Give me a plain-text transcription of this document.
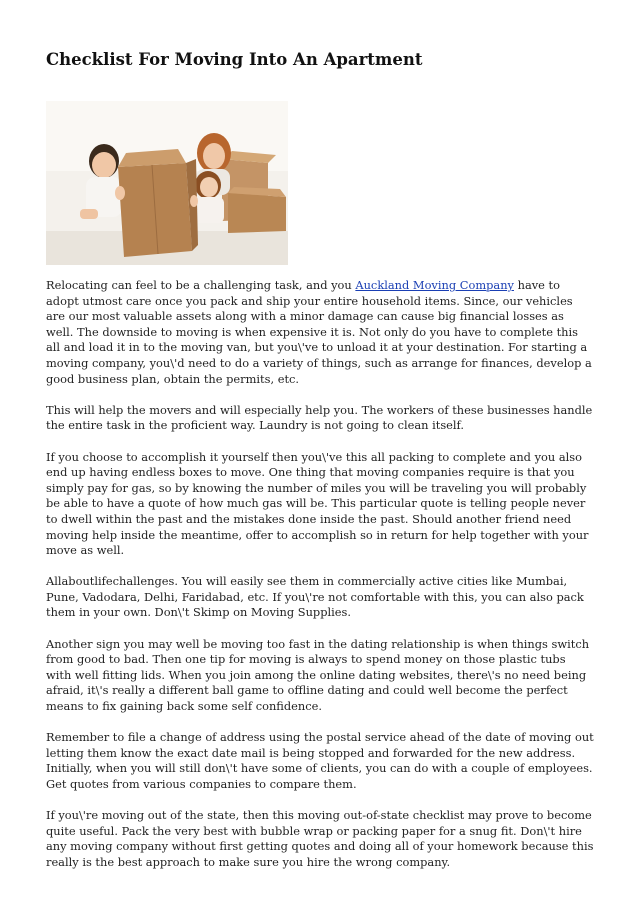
Checklist For Moving Into An Apartment

Relocating can feel to be a challenging task, and you Auckland Moving Company have to adopt utmost care once you pack and ship your entire household items. Since, our vehicles are our most valuable assets along with a minor damage can cause big financial losses as well. The downside to moving is when expensive it is. Not only do you have to complete this all and load it in to the moving van, but you\'ve to unload it at your destination. For starting a moving company, you\'d need to do a variety of things, such as arrange for finances, develop a good business plan, obtain the permits, etc.

This will help the movers and will especially help you. The workers of these businesses handle the entire task in the proficient way. Laundry is not going to clean itself.

If you choose to accomplish it yourself then you\'ve this all packing to complete and you also end up having endless boxes to move. One thing that moving companies require is that you simply pay for gas, so by knowing the number of miles you will be traveling you will probably be able to have a quote of how much gas will be. This particular quote is telling people never to dwell within the past and the mistakes done inside the past. Should another friend need moving help inside the meantime, offer to accomplish so in return for help together with your move as well.

Allaboutlifechallenges. You will easily see them in commercially active cities like Mumbai, Pune, Vadodara, Delhi, Faridabad, etc. If you\'re not comfortable with this, you can also pack them in your own. Don\'t Skimp on Moving Supplies.

Another sign you may well be moving too fast in the dating relationship is when things switch from good to bad. Then one tip for moving is always to spend money on those plastic tubs with well fitting lids. When you join among the online dating websites, there\'s no need being afraid, it\'s really a different ball game to offline dating and could well become the perfect means to fix gaining back some self confidence.

Remember to file a change of address using the postal service ahead of the date of moving out letting them know the exact date mail is being stopped and forwarded for the new address. Initially, when you will still don\'t have some of clients, you can do with a couple of employees. Get quotes from various companies to compare them.

If you\'re moving out of the state, then this moving out-of-state checklist may prove to become quite useful. Pack the very best with bubble wrap or packing paper for a snug fit. Don\'t hire any moving company without first getting quotes and doing all of your homework because this really is the best approach to make sure you hire the wrong company.
